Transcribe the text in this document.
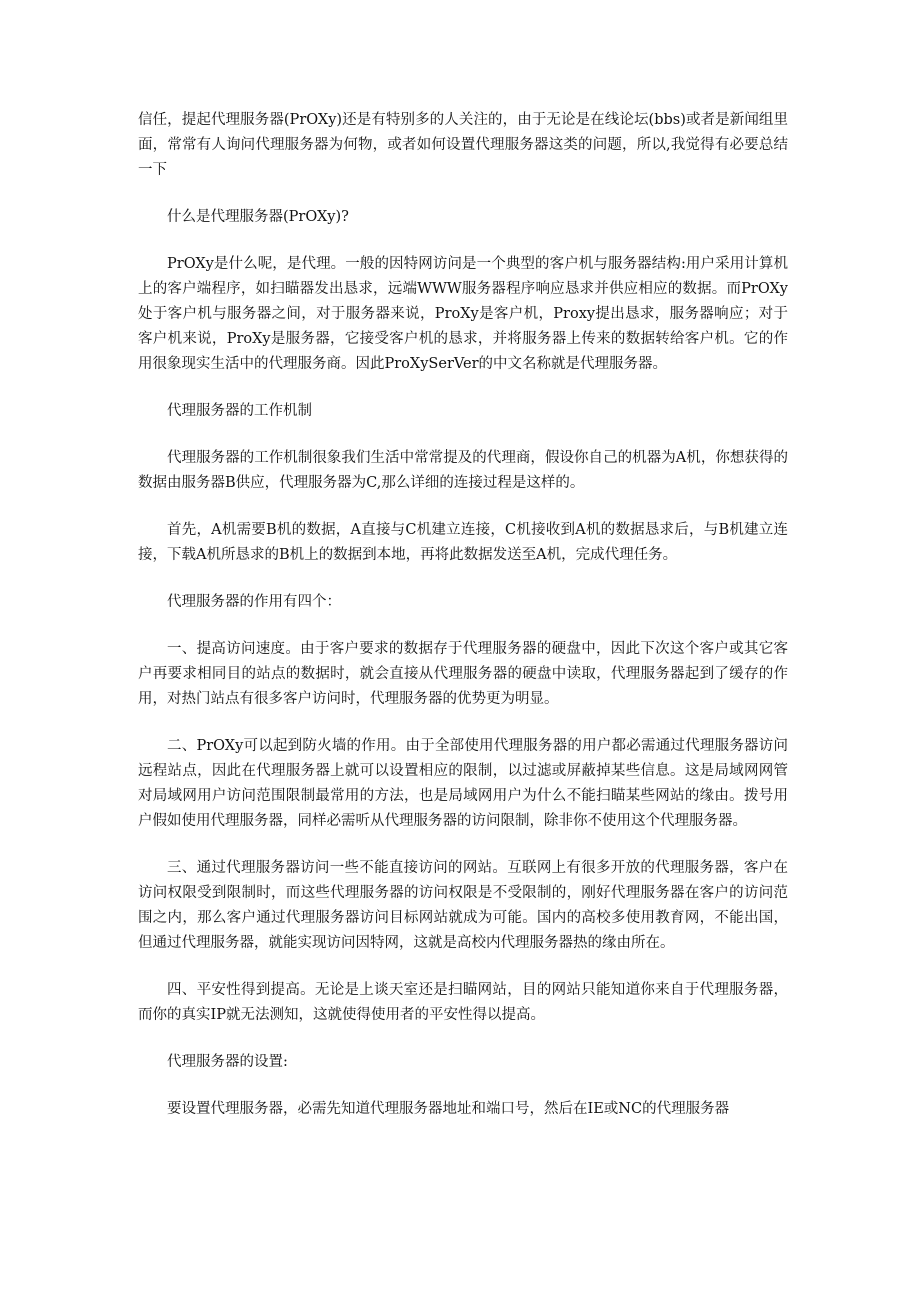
信任，提起代理服务器(PrOXy)还是有特别多的人关注的，由于无论是在线论坛(bbs)或者是新闻组里面，常常有人询问代理服务器为何物，或者如何设置代理服务器这类的问题，所以,我觉得有必要总结一下

什么是代理服务器(PrOXy)?

PrOXy是什么呢，是代理。一般的因特网访问是一个典型的客户机与服务器结构:用户采用计算机上的客户端程序，如扫瞄器发出恳求，远端WWW服务器程序响应恳求并供应相应的数据。而PrOXy处于客户机与服务器之间，对于服务器来说，ProXy是客户机，Proxy提出恳求，服务器响应；对于客户机来说，ProXy是服务器，它接受客户机的恳求，并将服务器上传来的数据转给客户机。它的作用很象现实生活中的代理服务商。因此ProXySerVer的中文名称就是代理服务器。

代理服务器的工作机制

代理服务器的工作机制很象我们生活中常常提及的代理商，假设你自己的机器为A机，你想获得的数据由服务器B供应，代理服务器为C,那么详细的连接过程是这样的。

首先，A机需要B机的数据，A直接与C机建立连接，C机接收到A机的数据恳求后，与B机建立连接，下载A机所恳求的B机上的数据到本地，再将此数据发送至A机，完成代理任务。

代理服务器的作用有四个：

一、提高访问速度。由于客户要求的数据存于代理服务器的硬盘中，因此下次这个客户或其它客户再要求相同目的站点的数据时，就会直接从代理服务器的硬盘中读取，代理服务器起到了缓存的作用，对热门站点有很多客户访问时，代理服务器的优势更为明显。

二、PrOXy可以起到防火墙的作用。由于全部使用代理服务器的用户都必需通过代理服务器访问远程站点，因此在代理服务器上就可以设置相应的限制，以过滤或屏蔽掉某些信息。这是局域网网管对局域网用户访问范围限制最常用的方法，也是局域网用户为什么不能扫瞄某些网站的缘由。拨号用户假如使用代理服务器，同样必需听从代理服务器的访问限制，除非你不使用这个代理服务器。

三、通过代理服务器访问一些不能直接访问的网站。互联网上有很多开放的代理服务器，客户在访问权限受到限制时，而这些代理服务器的访问权限是不受限制的，刚好代理服务器在客户的访问范围之内，那么客户通过代理服务器访问目标网站就成为可能。国内的高校多使用教育网，不能出国，但通过代理服务器，就能实现访问因特网，这就是高校内代理服务器热的缘由所在。

四、平安性得到提高。无论是上谈天室还是扫瞄网站，目的网站只能知道你来自于代理服务器，而你的真实IP就无法测知，这就使得使用者的平安性得以提高。

代理服务器的设置:

要设置代理服务器，必需先知道代理服务器地址和端口号，然后在IE或NC的代理服务器
